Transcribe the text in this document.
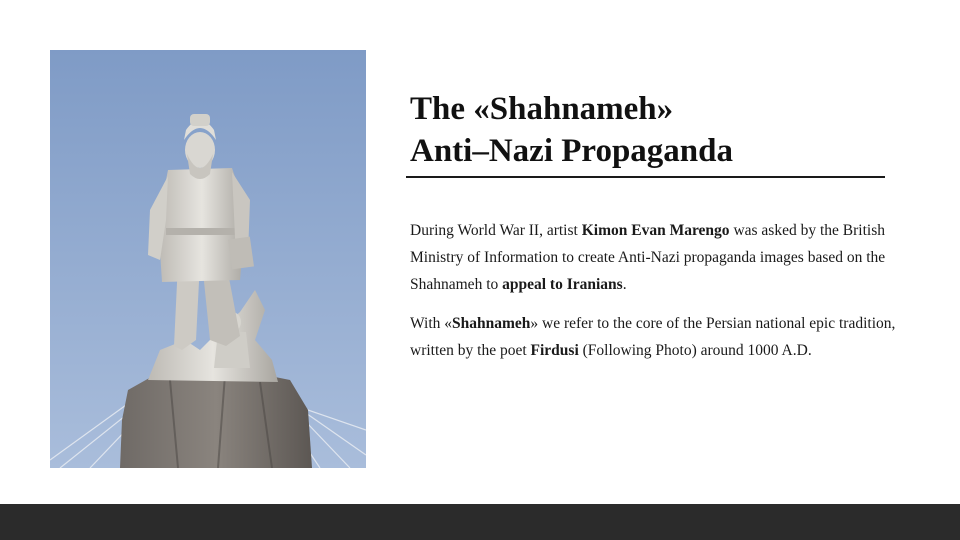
The «Shahnameh»
Anti–Nazi Propaganda

During World War II, artist Kimon Evan Marengo was asked by the British Ministry of Information to create Anti-Nazi propaganda images based on the Shahnameh to appeal to Iranians.

With «Shahnameh» we refer to the core of the Persian national epic tradition, written by the poet Firdusi (Following Photo) around 1000 A.D.
